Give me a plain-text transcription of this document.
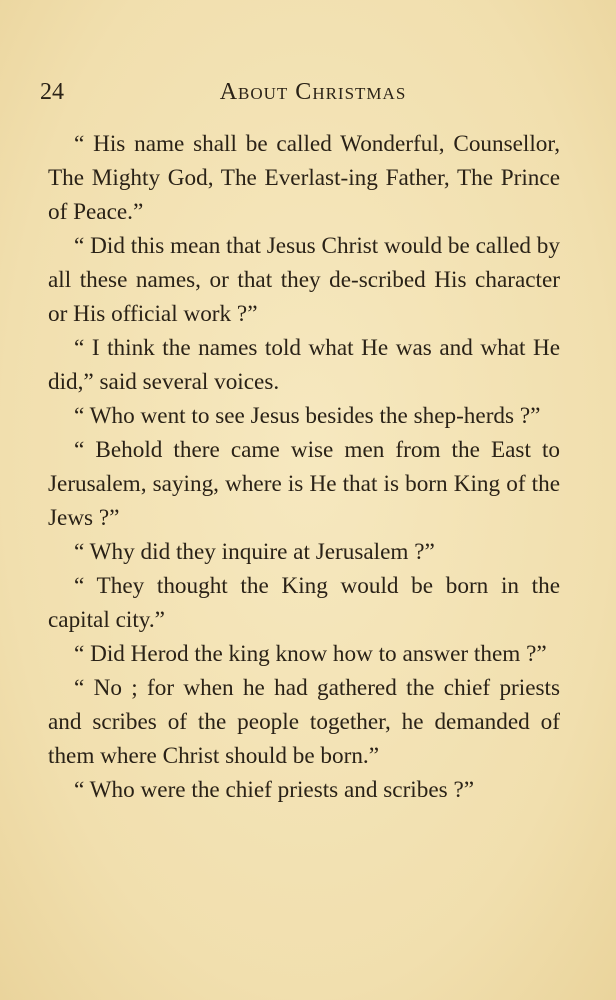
24	About Christmas

“ His name shall be called Wonderful, Counsellor, The Mighty God, The Everlast-ing Father, The Prince of Peace.”

“ Did this mean that Jesus Christ would be called by all these names, or that they de-scribed His character or His official work ?”

“ I think the names told what He was and what He did,” said several voices.

“ Who went to see Jesus besides the shep-herds ?”

“ Behold there came wise men from the East to Jerusalem, saying, where is He that is born King of the Jews ?”

“ Why did they inquire at Jerusalem ?”

“ They thought the King would be born in the capital city.”

“ Did Herod the king know how to answer them ?”

“ No ; for when he had gathered the chief priests and scribes of the people together, he demanded of them where Christ should be born.”

“ Who were the chief priests and scribes ?”
